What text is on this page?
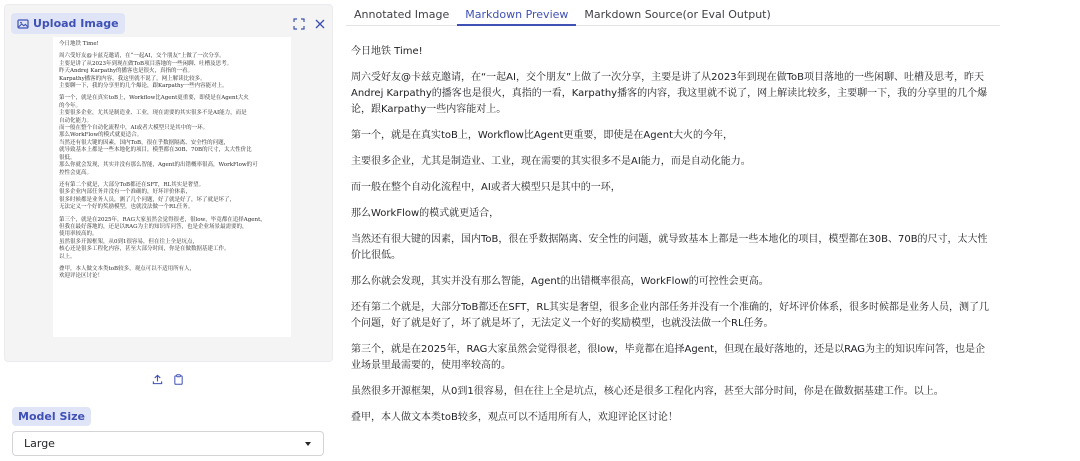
Upload Image

今日地铁 Time!

周六受好友@卡兹克邀请，在“一起AI，交个朋友”上做了一次分享。
主要是讲了从2023年到现在做ToB项目落地的一些闲聊、吐槽及思考。
昨天Andrej Karpathy的播客也是很火，真指的一看。
Karpathy播客的内容，我这里就不说了，网上解读比较多。
主要聊一下，我的分享里的几个爆论，跟Karpathy一些内容能对上。

第一个，就是在真实toB上，Workflow比Agent更重要，即使是在Agent大火
的今年。
主要很多企业，尤其是制造业、工业，现在需要的其实很多不是AI能力，而是
自动化能力。
而一般在整个自动化流程中，AI或者大模型只是其中的一环。
那么WorkFlow的模式就更适合。
当然还有很大键的因素，国内ToB，很在乎数据隔离、安全性的问题，
就导致基本上都是一些本地化的项目，模型都在30B、70B的尺寸，太大性价比
很低。
那么你就会发现，其实并没有那么智能，Agent的出错概率很高，WorkFlow的可
控性会更高。

还有第二个就是，大部分ToB都还在SFT，RL其实是奢望。
很多企业内部任务并没有一个准确的，好坏评价体系，
很多时候都是业务人员，测了几个问题，好了就是好了，坏了就是坏了，
无法定义一个好的奖励模型，也就没法做一个RL任务。

第三个，就是在2025年，RAG大家虽然会觉得很老，很low，毕竟都在追择Agent，
但我在最好落地的，还是以RAG为主的知识库问答，也是企业场景最需要的，
使用率较高的。
虽然很多开源框架，从0到1很容易，但在往上全是坑点，
核心还是很多工程化内容，甚至大部分时间，你是在做数据基建工作。
以上。

叠甲，本人做文本类toB较多，观点可以不适用所有人，
欢迎评论区讨论！

Model Size
Large
Annotated Image	Markdown Preview	Markdown Source(or Eval Output)

今日地铁 Time!

周六受好友@卡兹克邀请，在“一起AI，交个朋友”上做了一次分享，主要是讲了从2023年到现在做ToB项目落地的一些闲聊、吐槽及思考，昨天Andrej Karpathy的播客也是很火，真指的一看，Karpathy播客的内容，我这里就不说了，网上解读比较多，主要聊一下，我的分享里的几个爆论，跟Karpathy一些内容能对上。

第一个，就是在真实toB上，Workflow比Agent更重要，即使是在Agent大火的今年，

主要很多企业，尤其是制造业、工业，现在需要的其实很多不是AI能力，而是自动化能力。

而一般在整个自动化流程中，AI或者大模型只是其中的一环，

那么WorkFlow的模式就更适合，

当然还有很大键的因素，国内ToB，很在乎数据隔离、安全性的问题，就导致基本上都是一些本地化的项目，模型都在30B、70B的尺寸，太大性价比很低。

那么你就会发现，其实并没有那么智能，Agent的出错概率很高，WorkFlow的可控性会更高。

还有第二个就是，大部分ToB都还在SFT，RL其实是奢望，很多企业内部任务并没有一个准确的，好坏评价体系，很多时候都是业务人员，测了几个问题，好了就是好了，坏了就是坏了，无法定义一个好的奖励模型，也就没法做一个RL任务。

第三个，就是在2025年，RAG大家虽然会觉得很老，很low，毕竟都在追择Agent，但现在最好落地的，还是以RAG为主的知识库问答，也是企业场景里最需要的，使用率较高的。

虽然很多开源框架，从0到1很容易，但在往上全是坑点，核心还是很多工程化内容，甚至大部分时间，你是在做数据基建工作。以上。

叠甲，本人做文本类toB较多，观点可以不适用所有人，欢迎评论区讨论！
